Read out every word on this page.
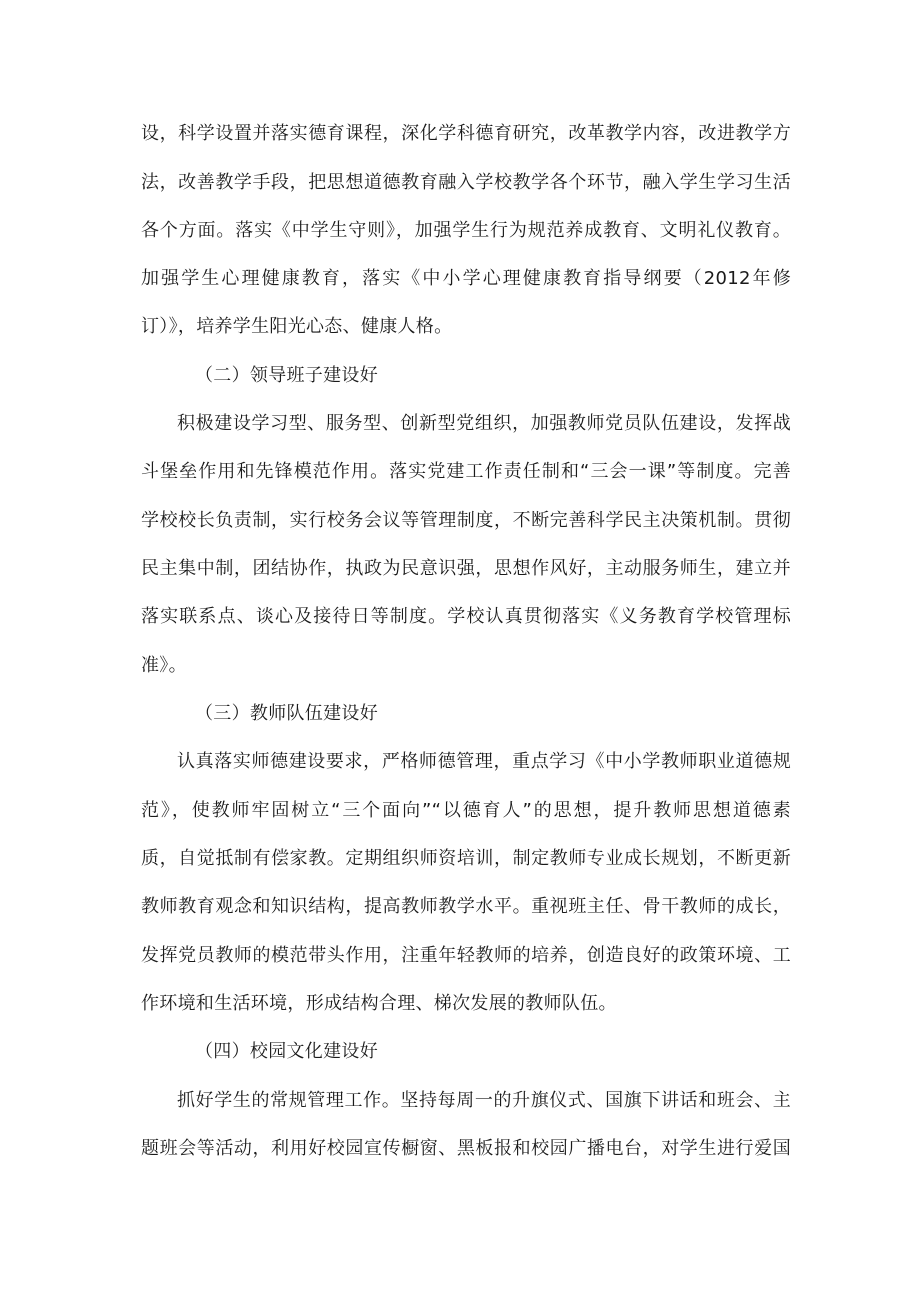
设，科学设置并落实德育课程，深化学科德育研究，改革教学内容，改进教学方
法，改善教学手段，把思想道德教育融入学校教学各个环节，融入学生学习生活
各个方面。落实《中学生守则》，加强学生行为规范养成教育、文明礼仪教育。
加强学生心理健康教育，落实《中小学心理健康教育指导纲要（2012年修
订）》，培养学生阳光心态、健康人格。
（二）领导班子建设好
积极建设学习型、服务型、创新型党组织，加强教师党员队伍建设，发挥战
斗堡垒作用和先锋模范作用。落实党建工作责任制和“三会一课”等制度。完善
学校校长负责制，实行校务会议等管理制度，不断完善科学民主决策机制。贯彻
民主集中制，团结协作，执政为民意识强，思想作风好，主动服务师生，建立并
落实联系点、谈心及接待日等制度。学校认真贯彻落实《义务教育学校管理标
准》。
（三）教师队伍建设好
认真落实师德建设要求，严格师德管理，重点学习《中小学教师职业道德规
范》，使教师牢固树立“三个面向”“以德育人”的思想，提升教师思想道德素
质，自觉抵制有偿家教。定期组织师资培训，制定教师专业成长规划，不断更新
教师教育观念和知识结构，提高教师教学水平。重视班主任、骨干教师的成长，
发挥党员教师的模范带头作用，注重年轻教师的培养，创造良好的政策环境、工
作环境和生活环境，形成结构合理、梯次发展的教师队伍。
（四）校园文化建设好
抓好学生的常规管理工作。坚持每周一的升旗仪式、国旗下讲话和班会、主
题班会等活动，利用好校园宣传橱窗、黑板报和校园广播电台，对学生进行爱国
